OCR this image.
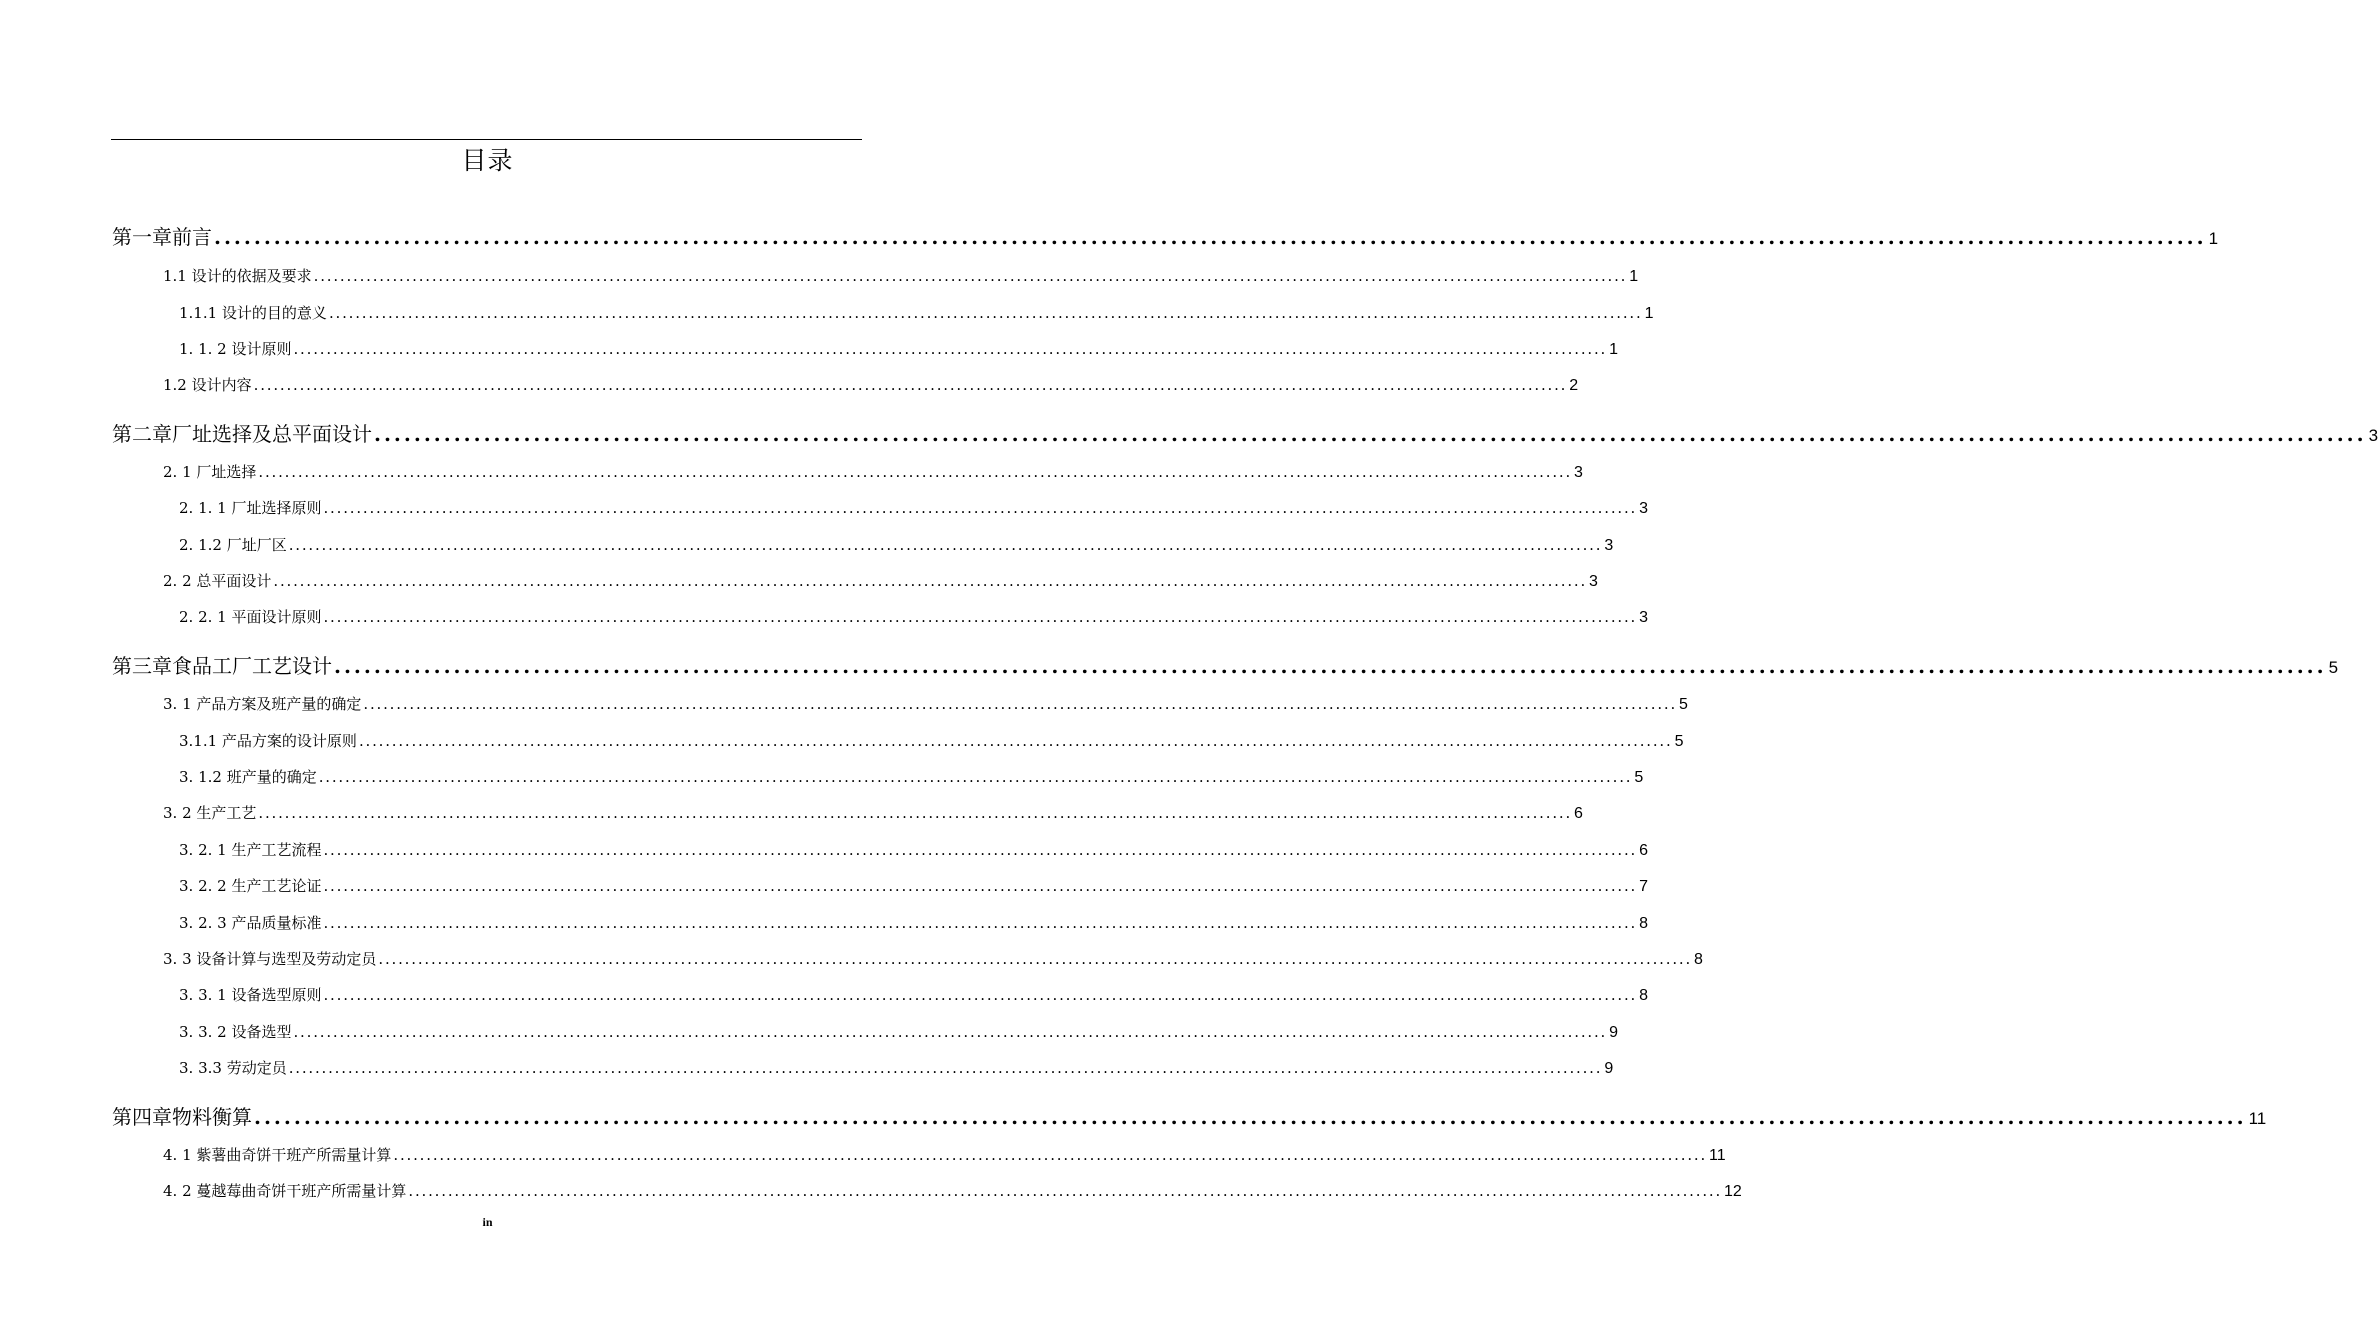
目录
第一章前言 ........................................................................................................................................................................................................ 1
1.1 设计的依据及要求 ........................................................................................................................................................................................................ 1
1.1.1 设计的目的意义 ........................................................................................................................................................................................................ 1
1. 1. 2 设计原则 ........................................................................................................................................................................................................ 1
1.2 设计内容 ........................................................................................................................................................................................................ 2
第二章厂址选择及总平面设计 ........................................................................................................................................................................................................ 3
2. 1 厂址选择 ........................................................................................................................................................................................................ 3
2. 1. 1 厂址选择原则 ........................................................................................................................................................................................................ 3
2. 1.2 厂址厂区 ........................................................................................................................................................................................................ 3
2. 2 总平面设计 ........................................................................................................................................................................................................ 3
2. 2. 1 平面设计原则 ........................................................................................................................................................................................................ 3
第三章食品工厂工艺设计 ........................................................................................................................................................................................................ 5
3. 1 产品方案及班产量的确定 ........................................................................................................................................................................................................ 5
3.1.1 产品方案的设计原则 ........................................................................................................................................................................................................ 5
3. 1.2 班产量的确定 ........................................................................................................................................................................................................ 5
3. 2 生产工艺 ........................................................................................................................................................................................................ 6
3. 2. 1 生产工艺流程 ........................................................................................................................................................................................................ 6
3. 2. 2 生产工艺论证 ........................................................................................................................................................................................................ 7
3. 2. 3 产品质量标准 ........................................................................................................................................................................................................ 8
3. 3 设备计算与选型及劳动定员 ........................................................................................................................................................................................................ 8
3. 3. 1 设备选型原则 ........................................................................................................................................................................................................ 8
3. 3. 2 设备选型 ........................................................................................................................................................................................................ 9
3. 3.3 劳动定员 ........................................................................................................................................................................................................ 9
第四章物料衡算 ........................................................................................................................................................................................................ 11
4. 1 紫薯曲奇饼干班产所需量计算 ........................................................................................................................................................................................................ 11
4. 2 蔓越莓曲奇饼干班产所需量计算 ........................................................................................................................................................................................................ 12
in
